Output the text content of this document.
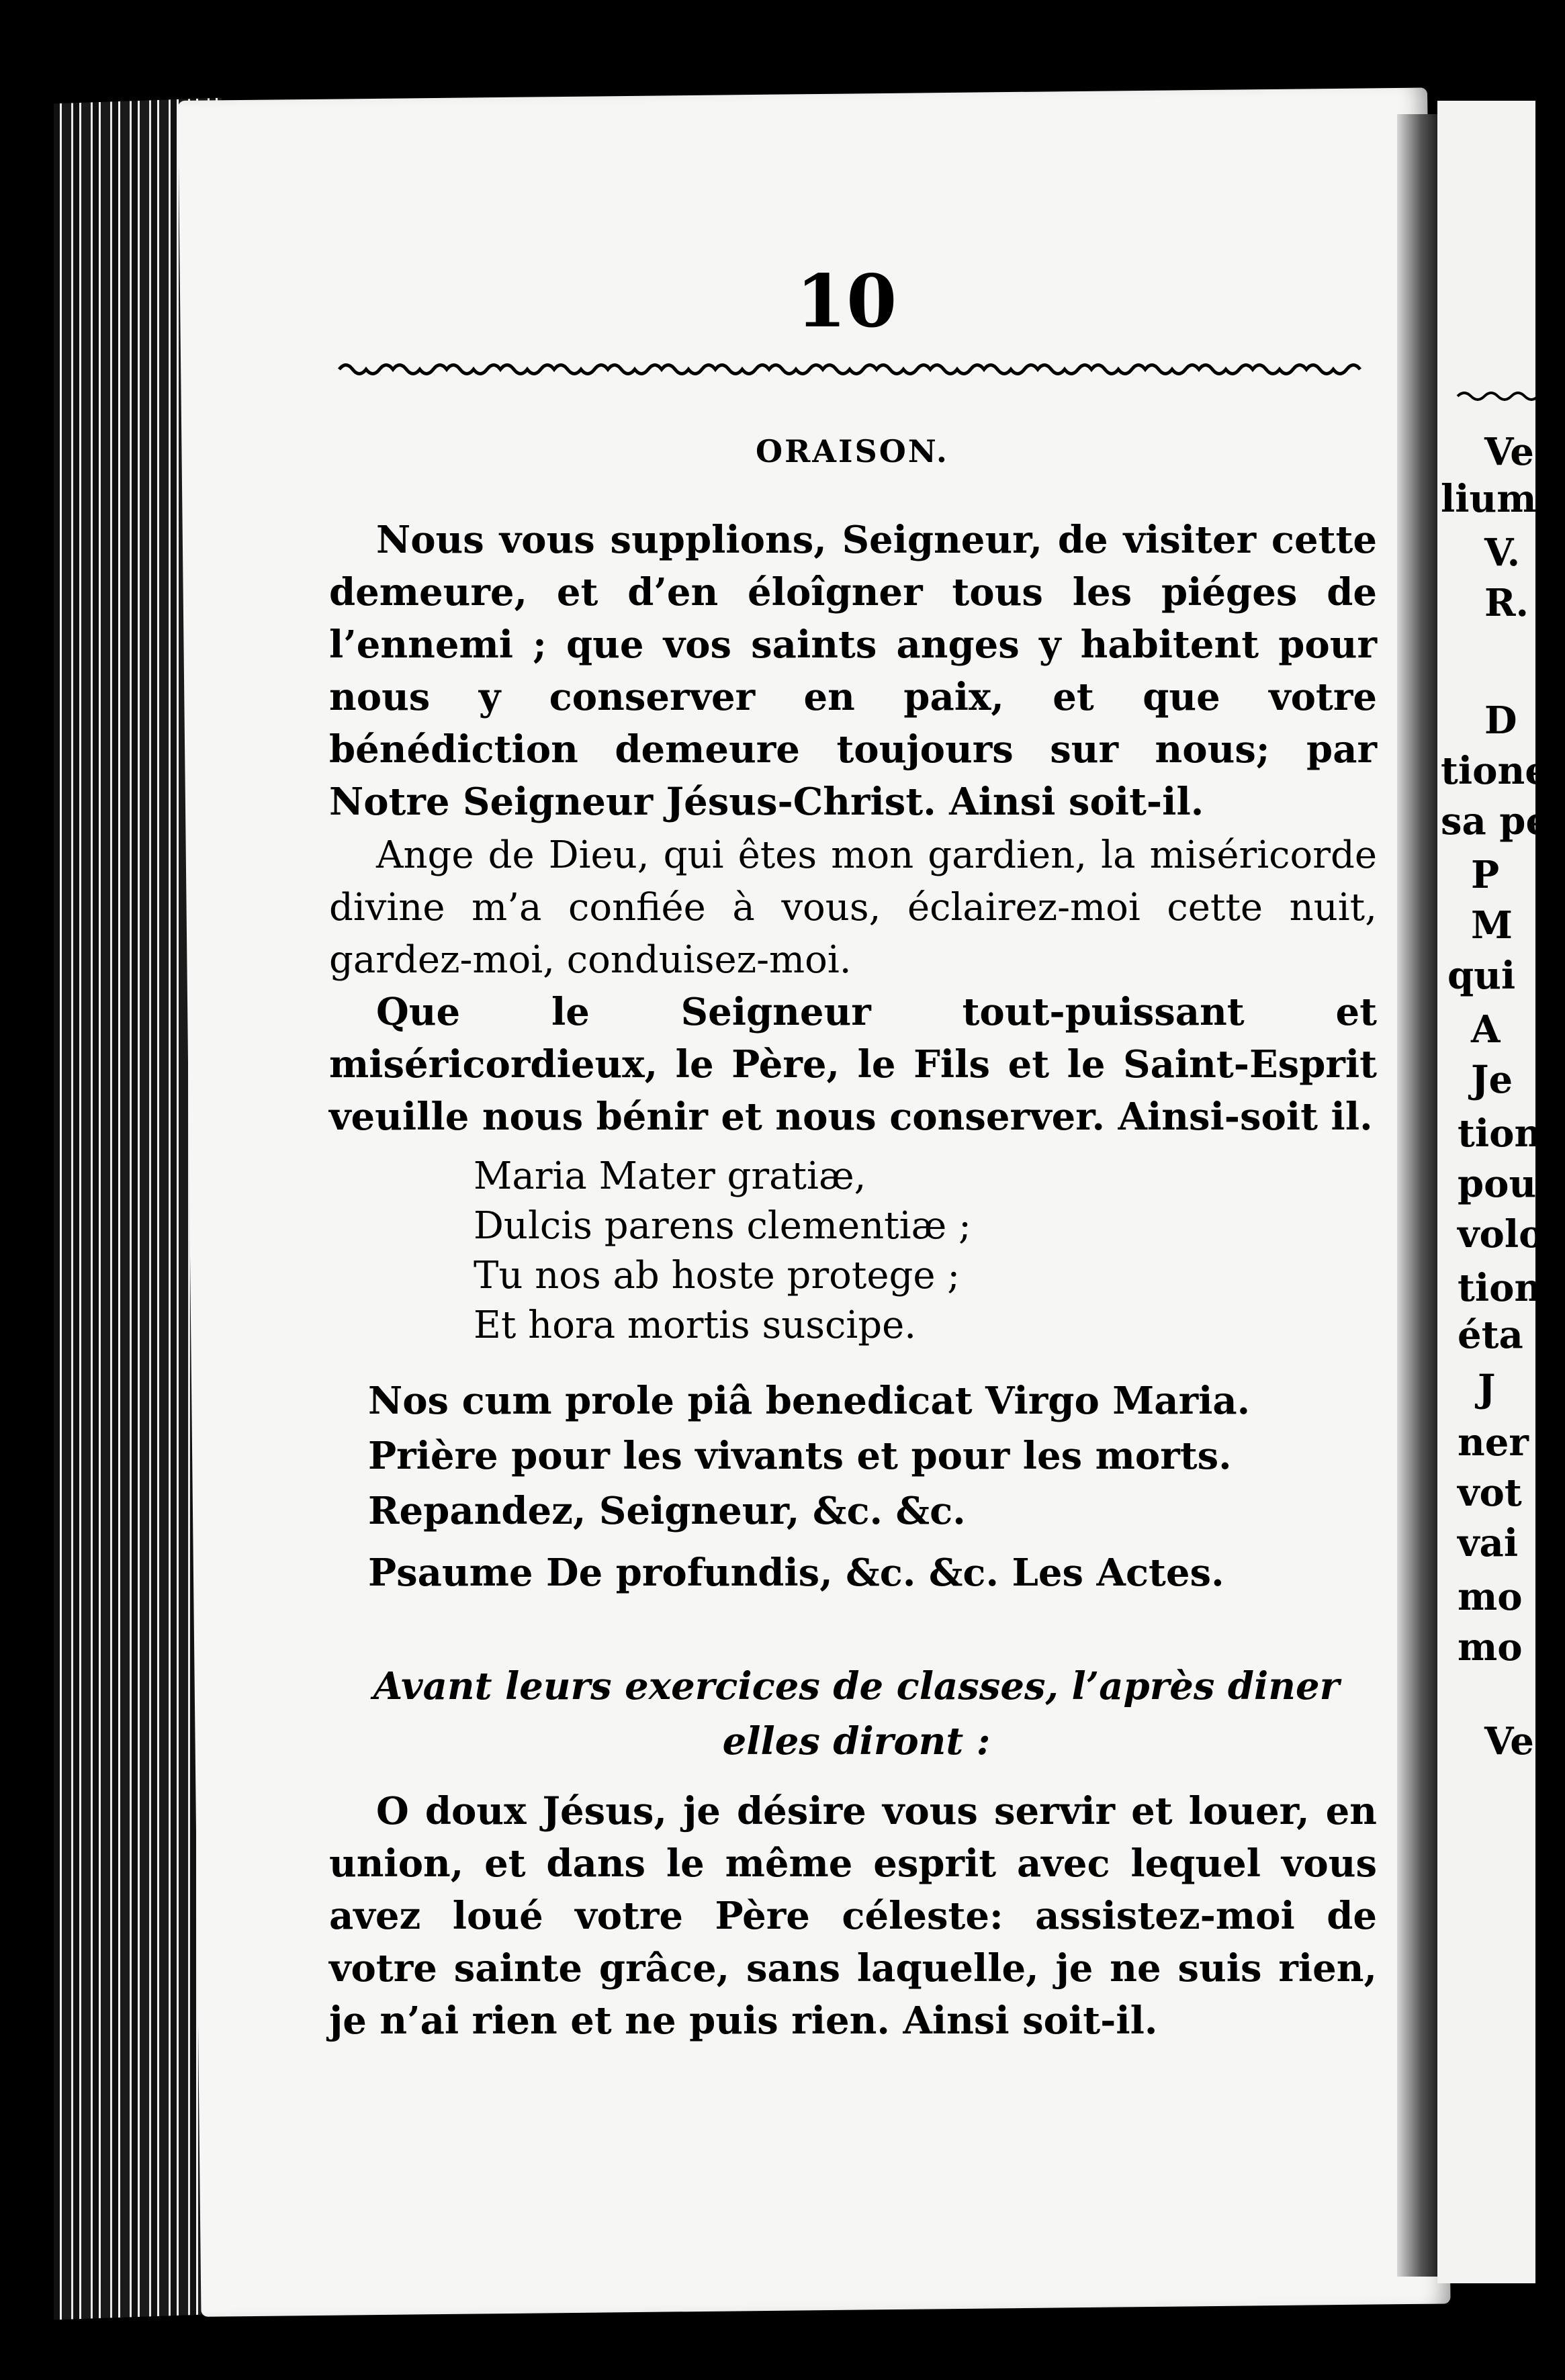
Ve
lium,
V.
R.
D
tione
sa pe
P
M
qui
A
Je
tion
pou
volo
tion
éta
J
ner
vot
vai
mo
mo
Ve
10
ORAISON.
Nous vous supplions, Seigneur, de visiter cette demeure, et d’en éloîgner tous les piéges de l’ennemi ; que vos saints anges y habitent pour nous y conserver en paix, et que votre bénédiction demeure toujours sur nous; par Notre Seigneur Jésus-Christ. Ainsi soit-il.
Ange de Dieu, qui êtes mon gardien, la miséricorde divine m’a confiée à vous, éclairez-moi cette nuit, gardez-moi, conduisez-moi.
Que le Seigneur tout-puissant et miséricordieux, le Père, le Fils et le Saint-Esprit veuille nous bénir et nous conserver. Ainsi-soit il.
Maria Mater gratiæ,
Dulcis parens clementiæ ;
Tu nos ab hoste protege ;
Et hora mortis suscipe.
Nos cum prole piâ benedicat Virgo Maria.
Prière pour les vivants et pour les morts.
Repandez, Seigneur, &c. &c.
Psaume De profundis, &c. &c. Les Actes.
Avant leurs exercices de classes, l’après diner elles diront :
O doux Jésus, je désire vous servir et louer, en union, et dans le même esprit avec lequel vous avez loué votre Père céleste: assistez-moi de votre sainte grâce, sans laquelle, je ne suis rien, je n’ai rien et ne puis rien. Ainsi soit-il.
